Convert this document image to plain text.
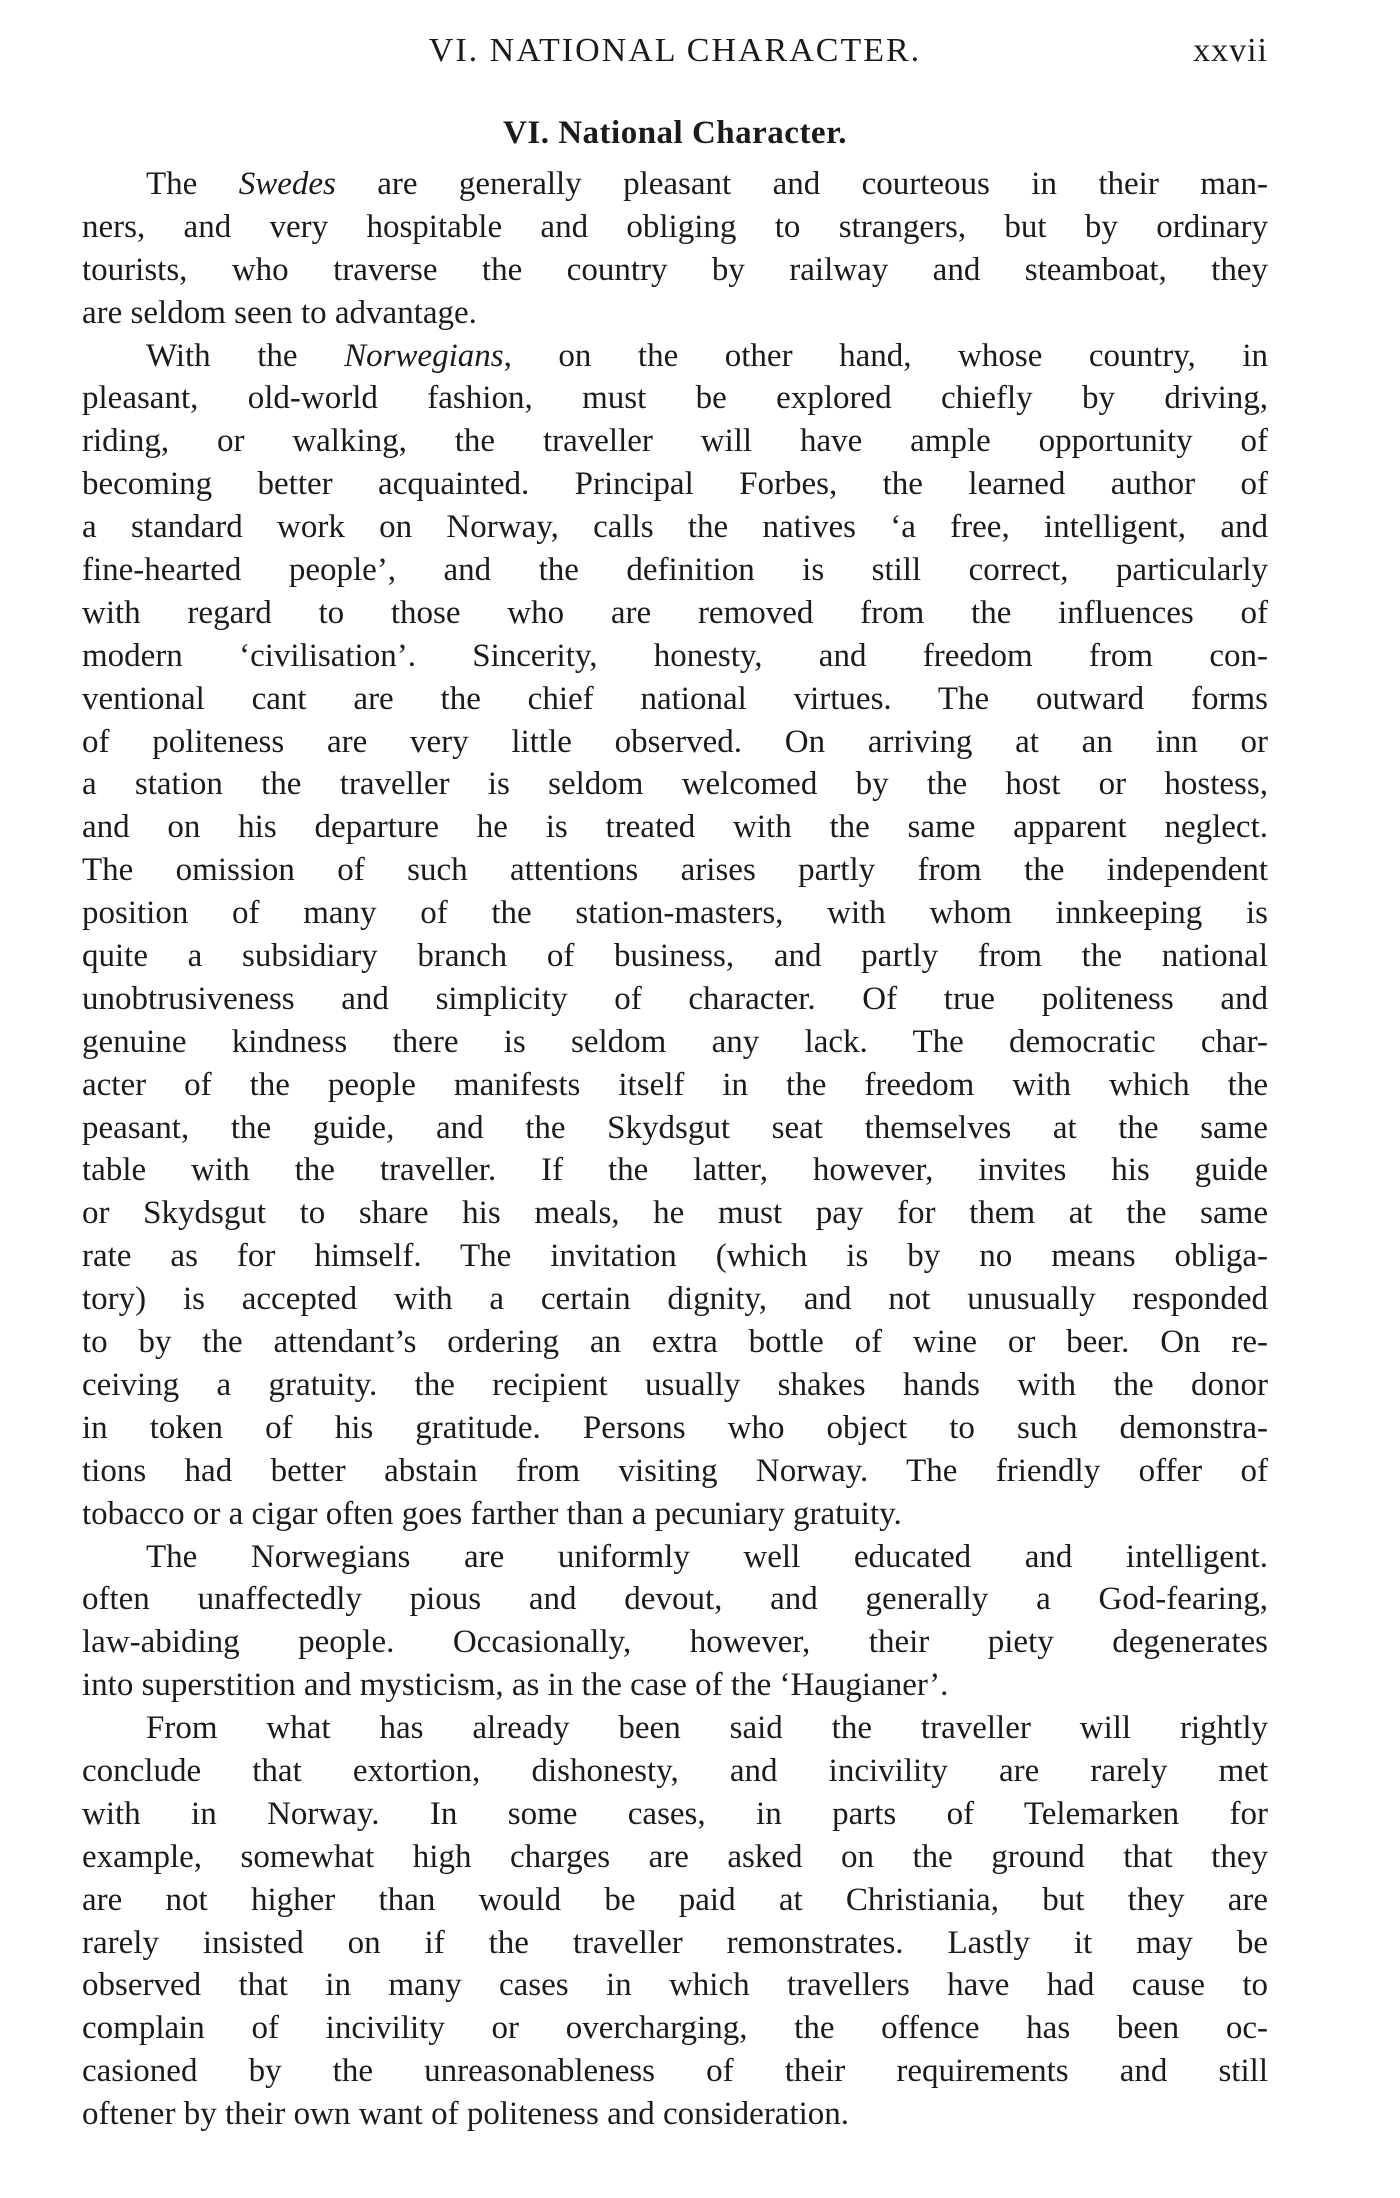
VI. NATIONAL CHARACTER.	xxvii
VI. National Character.
The Swedes are generally pleasant and courteous in their man-
ners, and very hospitable and obliging to strangers, but by ordinary
tourists, who traverse the country by railway and steamboat, they
are seldom seen to advantage.
With the Norwegians, on the other hand, whose country, in
pleasant, old-world fashion, must be explored chiefly by driving,
riding, or walking, the traveller will have ample opportunity of
becoming better acquainted. Principal Forbes, the learned author of
a standard work on Norway, calls the natives ‘a free, intelligent, and
fine-hearted people’, and the definition is still correct, particularly
with regard to those who are removed from the influences of
modern ‘civilisation’. Sincerity, honesty, and freedom from con-
ventional cant are the chief national virtues. The outward forms
of politeness are very little observed. On arriving at an inn or
a station the traveller is seldom welcomed by the host or hostess,
and on his departure he is treated with the same apparent neglect.
The omission of such attentions arises partly from the independent
position of many of the station-masters, with whom innkeeping is
quite a subsidiary branch of business, and partly from the national
unobtrusiveness and simplicity of character. Of true politeness and
genuine kindness there is seldom any lack. The democratic char-
acter of the people manifests itself in the freedom with which the
peasant, the guide, and the Skydsgut seat themselves at the same
table with the traveller. If the latter, however, invites his guide
or Skydsgut to share his meals, he must pay for them at the same
rate as for himself. The invitation (which is by no means obliga-
tory) is accepted with a certain dignity, and not unusually responded
to by the attendant’s ordering an extra bottle of wine or beer. On re-
ceiving a gratuity. the recipient usually shakes hands with the donor
in token of his gratitude. Persons who object to such demonstra-
tions had better abstain from visiting Norway. The friendly offer of
tobacco or a cigar often goes farther than a pecuniary gratuity.
The Norwegians are uniformly well educated and intelligent.
often unaffectedly pious and devout, and generally a God-fearing,
law-abiding people. Occasionally, however, their piety degenerates
into superstition and mysticism, as in the case of the ‘Haugianer’.
From what has already been said the traveller will rightly
conclude that extortion, dishonesty, and incivility are rarely met
with in Norway. In some cases, in parts of Telemarken for
example, somewhat high charges are asked on the ground that they
are not higher than would be paid at Christiania, but they are
rarely insisted on if the traveller remonstrates. Lastly it may be
observed that in many cases in which travellers have had cause to
complain of incivility or overcharging, the offence has been oc-
casioned by the unreasonableness of their requirements and still
oftener by their own want of politeness and consideration.
